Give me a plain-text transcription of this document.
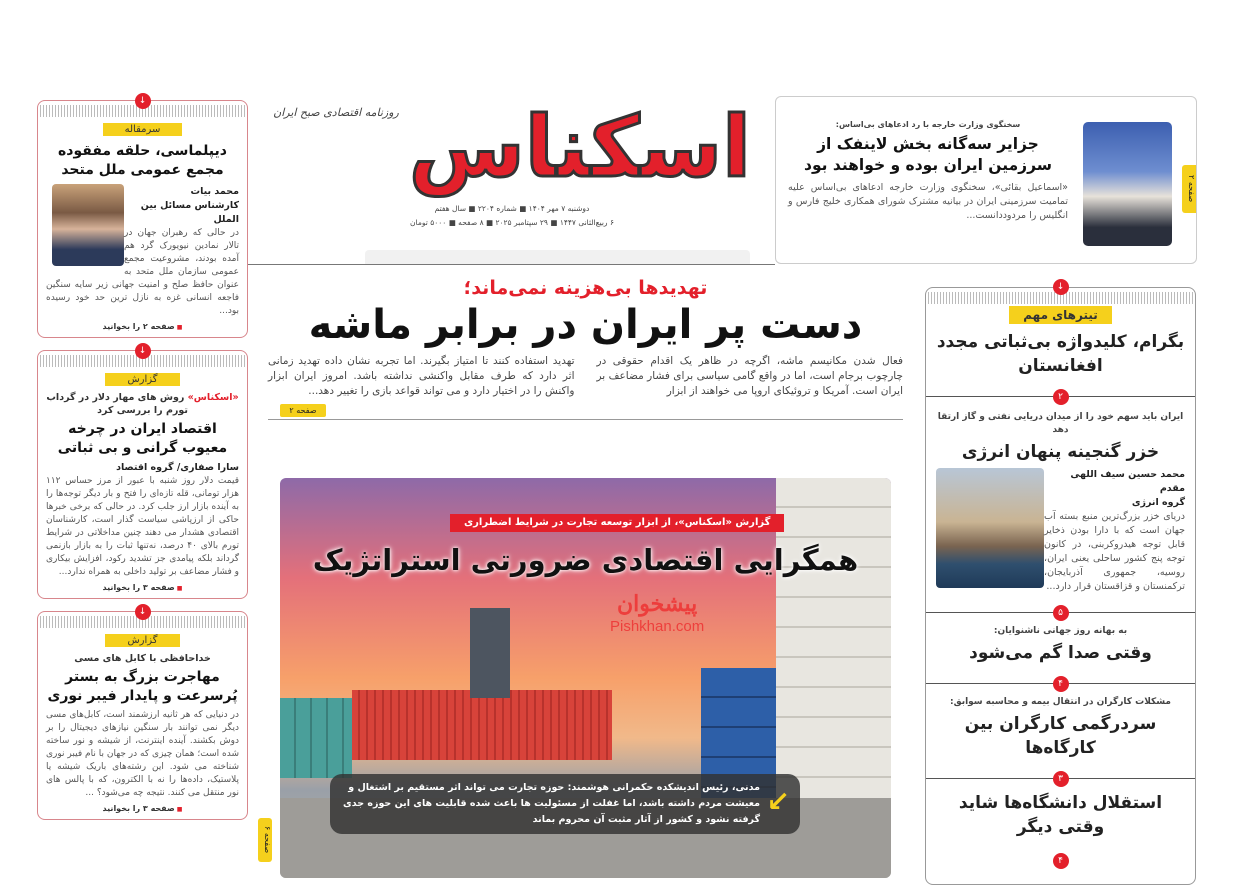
اسکناس
روزنامه اقتصادی صبح ایران
دوشنبه ۷ مهر ۱۴۰۴ ■ شماره ۲۲۰۴ ■ سال هفتم
۶ ربیع‌الثانی ۱۴۴۷ ■ ۲۹ سپتامبر ۲۰۲۵ ■ ۸ صفحه ■ ۵۰۰۰ تومان
صفحه ۲
سخنگوی وزارت خارجه با رد ادعاهای بی‌اساس:
جزایر سه‌گانه بخش لاینفک از سرزمین ایران بوده و خواهند بود
«اسماعیل بقائی»، سخنگوی وزارت خارجه ادعاهای بی‌اساس علیه تمامیت سرزمینی ایران در بیانیه مشترک شورای همکاری خلیج فارس و انگلیس را مردوددانست...
↓
سرمقاله
دیپلماسی، حلقه مفقوده مجمع عمومی ملل متحد
محمد بیات
کارشناس مسائل بین الملل
در حالی که رهبران جهان در تالار نمادین نیویورک گرد هم آمده بودند، مشروعیت مجمع عمومی سازمان ملل متحد به عنوان حافظ صلح و امنیت جهانی زیر سایه سنگین فاجعه انسانی غزه به نازل ترین حد خود رسیده بود...
■ صفحه ۲ را بخوانید
↓
گزارش
«اسکناس» روش های مهار دلار در گرداب تورم را بررسی کرد
اقتصاد ایران در چرخه معیوب گرانی و بی ثباتی
سارا صفاری/ گروه اقتصاد
قیمت دلار روز شنبه با عبور از مرز حساس ۱۱۲ هزار تومانی، قله تازه‌ای را فتح و بار دیگر توجه‌ها را به آینده بازار ارز جلب کرد. در حالی که برخی خبرها حاکی از ارزپاشی سیاست گذار است، کارشناسان اقتصادی هشدار می دهند چنین مداخلاتی در شرایط تورم بالای ۴۰ درصد، نه‌تنها ثبات را به بازار بازنمی گرداند بلکه پیامدی جز تشدید رکود، افزایش بیکاری و فشار مضاعف بر تولید داخلی به همراه ندارد...
■ صفحه ۳ را بخوانید
↓
گزارش
خداحافظی با کابل های مسی
مهاجرت بزرگ به بستر پُرسرعت و پایدار فیبر نوری
در دنیایی که هر ثانیه ارزشمند است، کابل‌های مسی دیگر نمی توانند بار سنگین نیازهای دیجیتال را بر دوش بکشند. آینده اینترنت، از شیشه و نور ساخته شده است؛ همان چیزی که در جهان با نام فیبر نوری شناخته می شود. این رشته‌های باریک شیشه یا پلاستیک، داده‌ها را نه با الکترون، که با پالس های نور منتقل می کنند. نتیجه چه می‌شود؟ ...
■ صفحه ۳ را بخوانید
تهدیدها بی‌هزینه نمی‌ماند؛
دست پر ایران در برابر ماشه
فعال شدن مکانیسم ماشه، اگرچه در ظاهر یک اقدام حقوقی در چارچوب برجام است، اما در واقع گامی سیاسی برای فشار مضاعف بر ایران است. آمریکا و تروئیکای اروپا می خواهند از ابزار
تهدید استفاده کنند تا امتیاز بگیرند. اما تجربه نشان داده تهدید زمانی اثر دارد که طرف مقابل واکنشی نداشته باشد. امروز ایران ابزار واکنش را در اختیار دارد و می تواند قواعد بازی را تغییر دهد...
صفحه ۲
گزارش «اسکناس»، از ابزار توسعه تجارت در شرایط اضطراری
همگرایی اقتصادی ضرورتی استراتژیک
پیشخوان
Pishkhan.com
↙
مدنی، رئیس اندیشکده حکمرانی هوشمند: حوزه تجارت می تواند اثر مستقیم بر اشتغال و معیشت مردم داشته باشد، اما غفلت از مسئولیت ها باعث شده قابلیت های این حوزه جدی گرفته نشود و کشور از آثار مثبت آن محروم بماند
صفحه ۶
↓
تیترهای مهم
بگرام، کلیدواژه بی‌ثباتی مجدد افغانستان
۲
ایران باید سهم خود را از میدان دریایی نفتی و گاز ارتقا دهد
خزر گنجینه پنهان انرژی
محمد حسین سیف اللهی مقدم
گروه انرژی
دریای خزر بزرگ‌ترین منبع بسته آب جهان است که با دارا بودن ذخایر قابل توجه هیدروکربنی، در کانون توجه پنج کشور ساحلی یعنی ایران، روسیه، جمهوری آذربایجان، ترکمنستان و قزاقستان قرار دارد...
۵
به بهانه روز جهانی ناشنوایان:
وقتی صدا گم می‌شود
۴
مشکلات کارگران در انتقال بیمه و محاسبه سوابق:
سردرگمی کارگران بین کارگاه‌ها
۳
استقلال دانشگاه‌ها شاید وقتی دیگر
۴
